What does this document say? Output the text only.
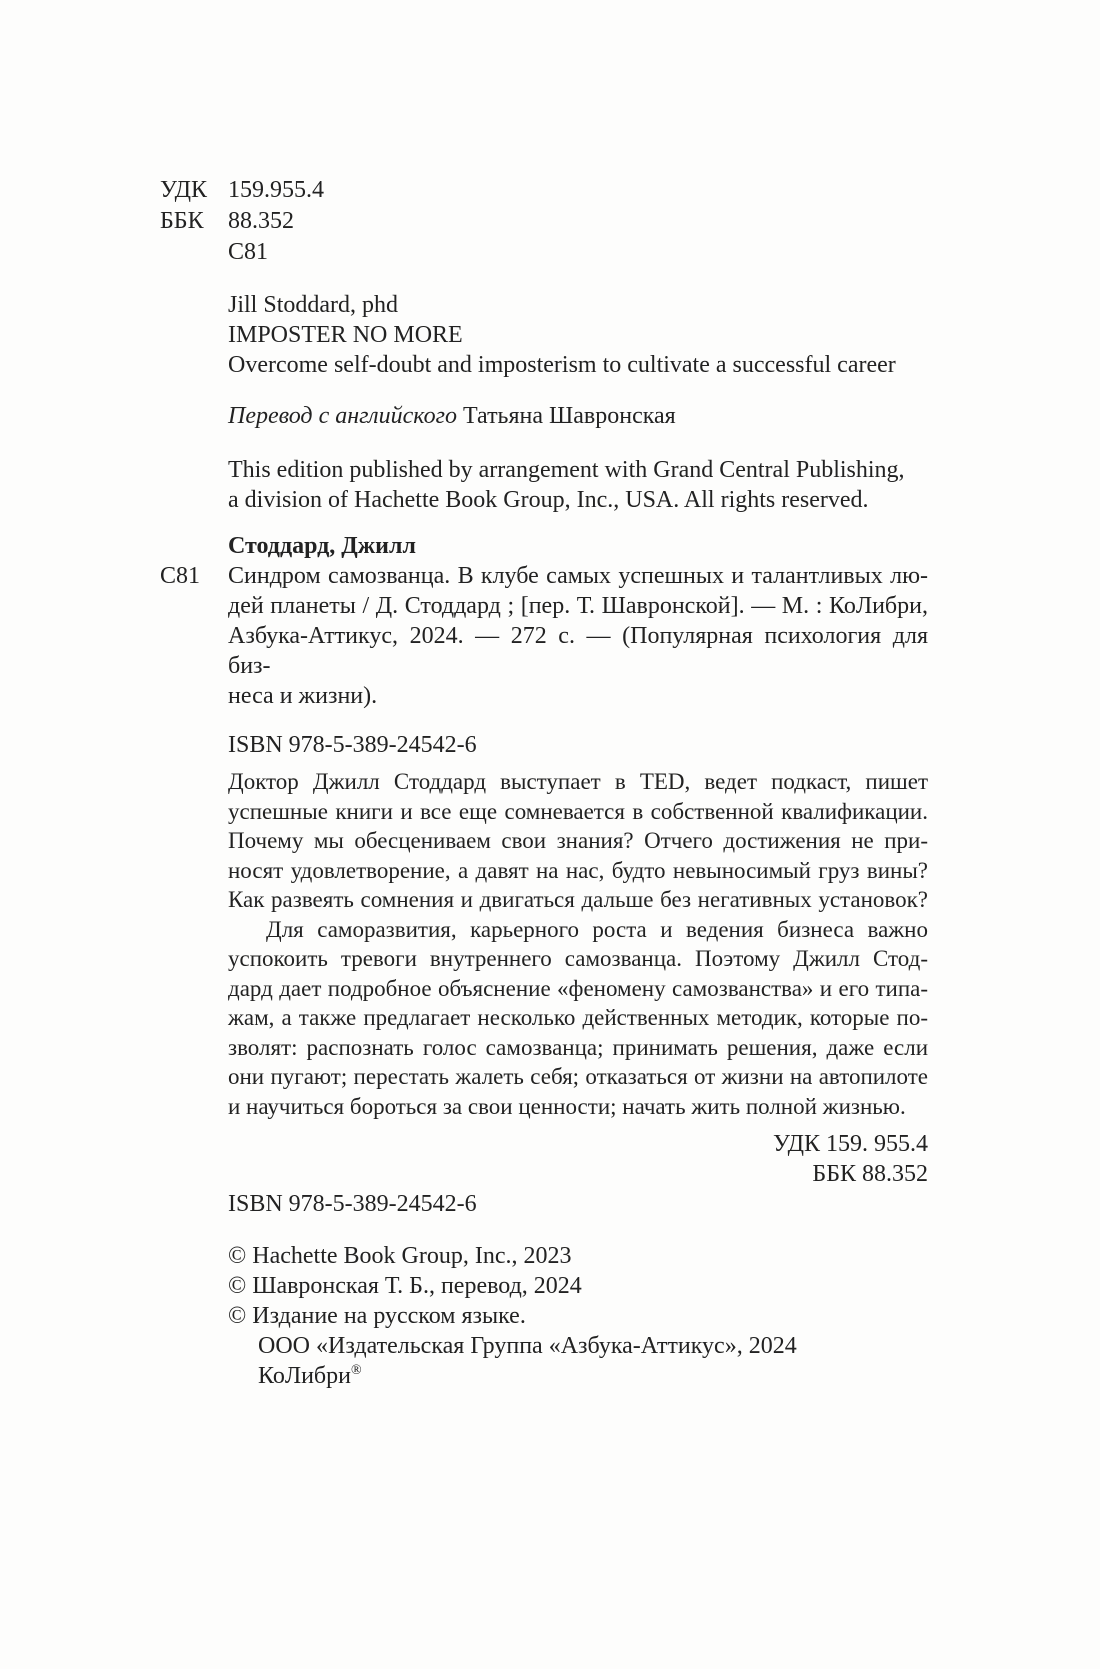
УДК 159.955.4
ББК	88.352
С81
Jill Stoddard, phd
IMPOSTER NO MORE
Overcome self-doubt and imposterism to cultivate a successful career
Перевод с английского Татьяна Шавронская
This edition published by arrangement with Grand Central Publishing,
a division of Hachette Book Group, Inc., USA. All rights reserved.
Стоддард, Джилл
С81	Синдром самозванца. В клубе самых успешных и талантливых лю-
дей планеты / Д. Стоддард ; [пер. Т. Шавронской]. — М. : КоЛибри,
Азбука-Аттикус, 2024. — 272 с. — (Популярная психология для биз-
неса и жизни).
ISBN 978-5-389-24542-6
Доктор Джилл Стоддард выступает в TED, ведет подкаст, пишет
успешные книги и все еще сомневается в собственной квалификации.
Почему мы обесцениваем свои знания? Отчего достижения не при-
носят удовлетворение, а давят на нас, будто невыносимый груз вины?
Как развеять сомнения и двигаться дальше без негативных установок?
Для саморазвития, карьерного роста и ведения бизнеса важно
успокоить тревоги внутреннего самозванца. Поэтому Джилл Стод-
дард дает подробное объяснение «феномену самозванства» и его типа-
жам, а также предлагает несколько действенных методик, которые по-
зволят: распознать голос самозванца; принимать решения, даже если
они пугают; перестать жалеть себя; отказаться от жизни на автопилоте
и научиться бороться за свои ценности; начать жить полной жизнью.
УДК 159. 955.4
ББК 88.352
ISBN 978-5-389-24542-6
© Hachette Book Group, Inc., 2023
© Шавронская Т. Б., перевод, 2024
© Издание на русском языке.
ООО «Издательская Группа «Азбука-Аттикус», 2024
КоЛибри®
